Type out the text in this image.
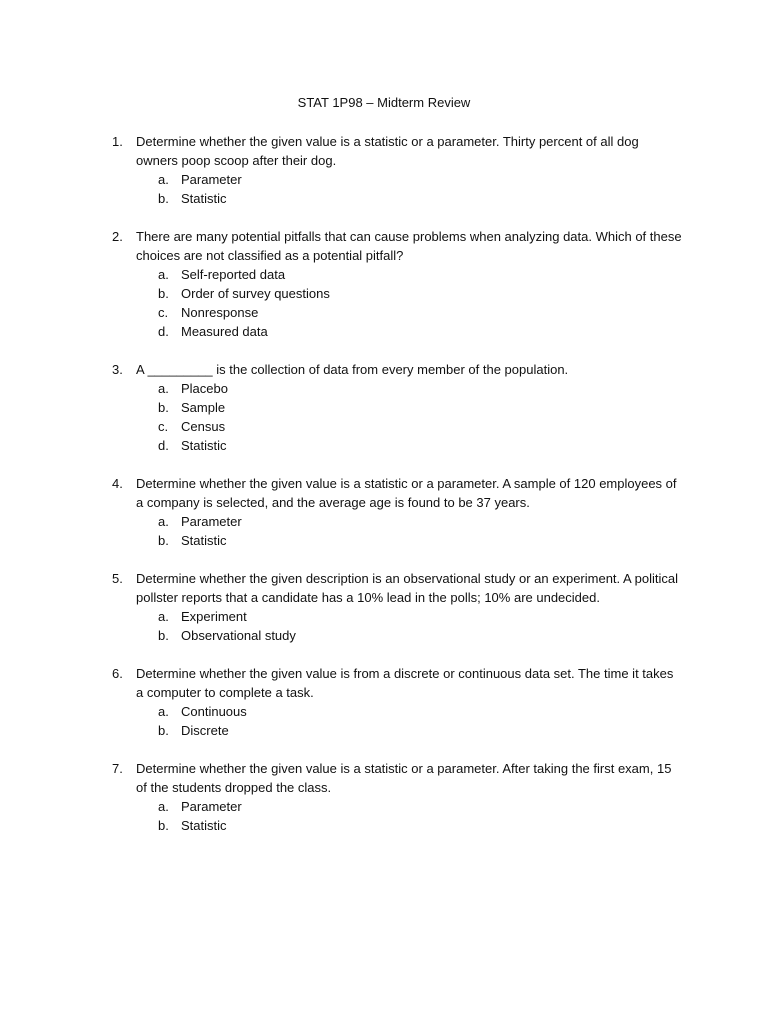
STAT 1P98 – Midterm Review
1.	Determine whether the given value is a statistic or a parameter. Thirty percent of all dog owners poop scoop after their dog.
a. Parameter
b. Statistic
2.	There are many potential pitfalls that can cause problems when analyzing data. Which of these choices are not classified as a potential pitfall?
a. Self-reported data
b. Order of survey questions
c. Nonresponse
d. Measured data
3.	A _________ is the collection of data from every member of the population.
a. Placebo
b. Sample
c. Census
d. Statistic
4.	Determine whether the given value is a statistic or a parameter. A sample of 120 employees of a company is selected, and the average age is found to be 37 years.
a. Parameter
b. Statistic
5.	Determine whether the given description is an observational study or an experiment. A political pollster reports that a candidate has a 10% lead in the polls; 10% are undecided.
a. Experiment
b. Observational study
6.	Determine whether the given value is from a discrete or continuous data set. The time it takes a computer to complete a task.
a. Continuous
b. Discrete
7.	Determine whether the given value is a statistic or a parameter. After taking the first exam, 15 of the students dropped the class.
a. Parameter
b. Statistic
